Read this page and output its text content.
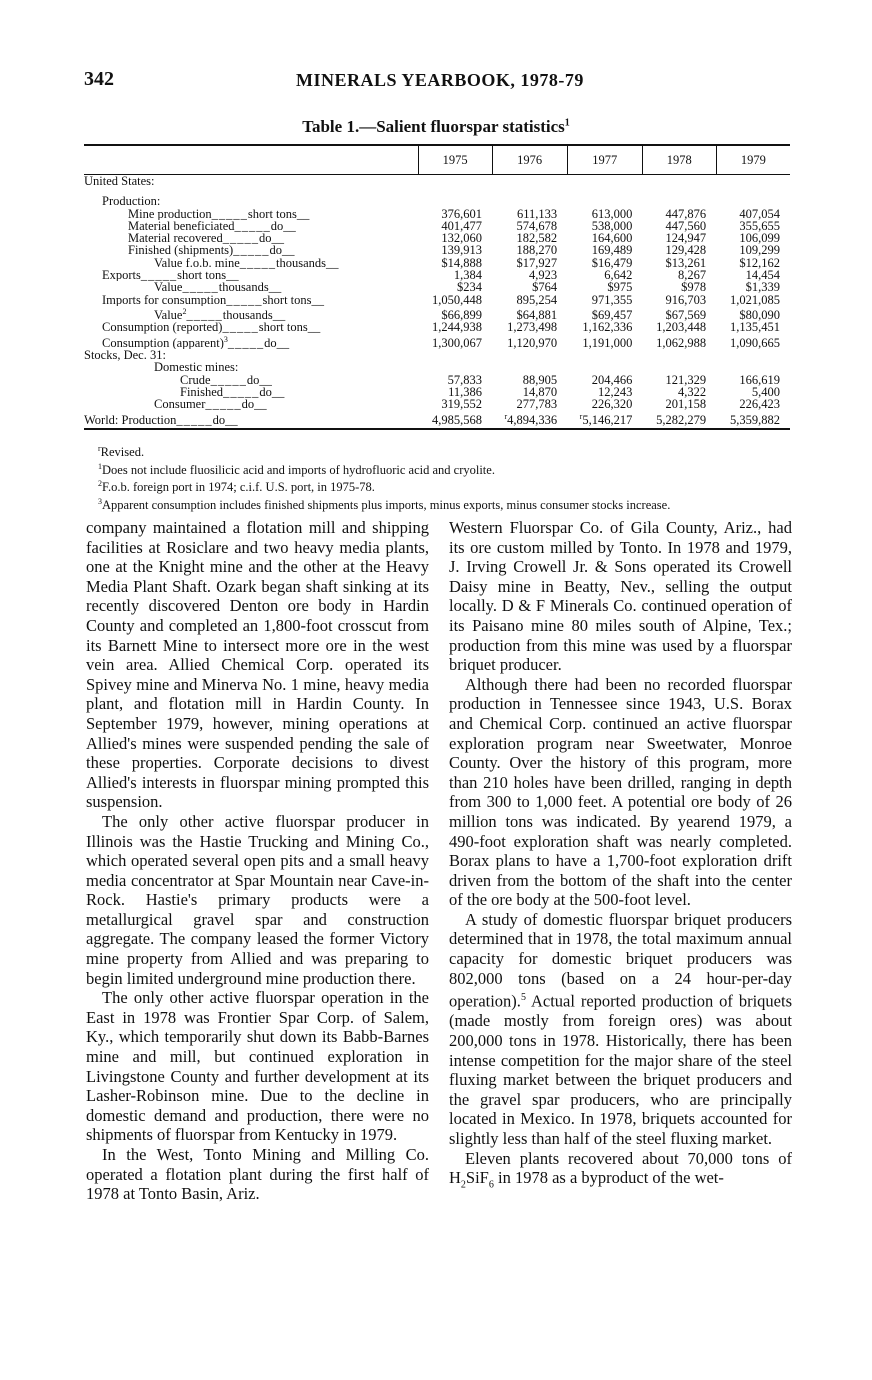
342	MINERALS YEARBOOK, 1978-79
Table 1.—Salient fluorspar statistics$^1$
	1975	1976	1977	1978	1979
United States:					

Production:					
Mine production_____short tons__	376,601	611,133	613,000	447,876	407,054
Material beneficiated_____do__	401,477	574,678	538,000	447,560	355,655
Material recovered_____do__	132,060	182,582	164,600	124,947	106,099
Finished (shipments)_____do__	139,913	188,270	169,489	129,428	109,299
Value f.o.b. mine_____thousands__	$14,888	$17,927	$16,479	$13,261	$12,162
Exports_____short tons__	1,384	4,923	6,642	8,267	14,454
Value_____thousands__	$234	$764	$975	$978	$1,339
Imports for consumption_____short tons__	1,050,448	895,254	971,355	916,703	1,021,085
Value$^2$_____thousands__	$66,899	$64,881	$69,457	$67,569	$80,090
Consumption (reported)_____short tons__	1,244,938	1,273,498	1,162,336	1,203,448	1,135,451
Consumption (apparent)$^3$_____do__	1,300,067	1,120,970	1,191,000	1,062,988	1,090,665
Stocks, Dec. 31:					
Domestic mines:					
Crude_____do__	57,833	88,905	204,466	121,329	166,619
Finished_____do__	11,386	14,870	12,243	4,322	5,400
Consumer_____do__	319,552	277,783	226,320	201,158	226,423
World: Production_____do__	4,985,568	$^r$4,894,336	$^r$5,146,217	5,282,279	5,359,882
$^r$Revised.
$^1$Does not include fluosilicic acid and imports of hydrofluoric acid and cryolite.
$^2$F.o.b. foreign port in 1974; c.i.f. U.S. port, in 1975-78.
$^3$Apparent consumption includes finished shipments plus imports, minus exports, minus consumer stocks increase.

company maintained a flotation mill and shipping facilities at Rosiclare and two heavy media plants, one at the Knight mine and the other at the Heavy Media Plant Shaft. Ozark began shaft sinking at its recently discovered Denton ore body in Hardin County and completed an 1,800-foot crosscut from its Barnett Mine to intersect more ore in the west vein area. Allied Chemical Corp. operated its Spivey mine and Minerva No. 1 mine, heavy media plant, and flotation mill in Hardin County. In September 1979, however, mining operations at Allied's mines were suspended pending the sale of these properties. Corporate decisions to divest Allied's interests in fluorspar mining prompted this suspension.

The only other active fluorspar producer in Illinois was the Hastie Trucking and Mining Co., which operated several open pits and a small heavy media concentrator at Spar Mountain near Cave-in-Rock. Hastie's primary products were a metallurgical gravel spar and construction aggregate. The company leased the former Victory mine property from Allied and was preparing to begin limited underground mine production there.

The only other active fluorspar operation in the East in 1978 was Frontier Spar Corp. of Salem, Ky., which temporarily shut down its Babb-Barnes mine and mill, but continued exploration in Livingstone County and further development at its Lasher-Robinson mine. Due to the decline in domestic demand and production, there were no shipments of fluorspar from Kentucky in 1979.

In the West, Tonto Mining and Milling Co. operated a flotation plant during the first half of 1978 at Tonto Basin, Ariz.

Western Fluorspar Co. of Gila County, Ariz., had its ore custom milled by Tonto. In 1978 and 1979, J. Irving Crowell Jr. & Sons operated its Crowell Daisy mine in Beatty, Nev., selling the output locally. D & F Minerals Co. continued operation of its Paisano mine 80 miles south of Alpine, Tex.; production from this mine was used by a fluorspar briquet producer.

Although there had been no recorded fluorspar production in Tennessee since 1943, U.S. Borax and Chemical Corp. continued an active fluorspar exploration program near Sweetwater, Monroe County. Over the history of this program, more than 210 holes have been drilled, ranging in depth from 300 to 1,000 feet. A potential ore body of 26 million tons was indicated. By yearend 1979, a 490-foot exploration shaft was nearly completed. Borax plans to have a 1,700-foot exploration drift driven from the bottom of the shaft into the center of the ore body at the 500-foot level.

A study of domestic fluorspar briquet producers determined that in 1978, the total maximum annual capacity for domestic briquet producers was 802,000 tons (based on a 24 hour-per-day operation).$^5$ Actual reported production of briquets (made mostly from foreign ores) was about 200,000 tons in 1978. Historically, there has been intense competition for the major share of the steel fluxing market between the briquet producers and the gravel spar producers, who are principally located in Mexico. In 1978, briquets accounted for slightly less than half of the steel fluxing market.

Eleven plants recovered about 70,000 tons of $H_2SiF_6$ in 1978 as a byproduct of the wet-
